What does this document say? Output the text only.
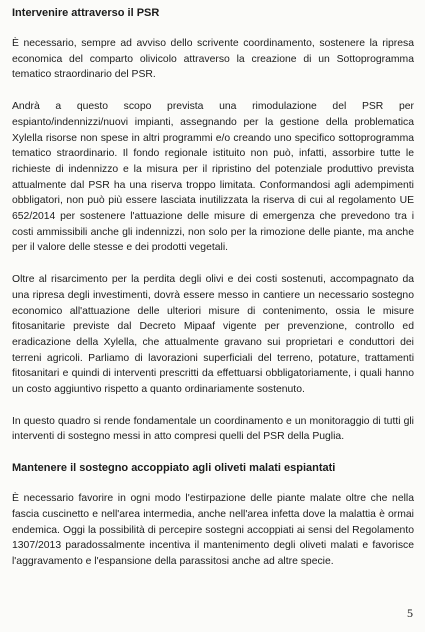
Intervenire attraverso il PSR

È necessario, sempre ad avviso dello scrivente coordinamento, sostenere la ripresa economica del comparto olivicolo attraverso la creazione di un Sottoprogramma tematico straordinario del PSR.

Andrà a questo scopo prevista una rimodulazione del PSR per espianto/indennizzi/nuovi impianti, assegnando per la gestione della problematica Xylella risorse non spese in altri programmi e/o creando uno specifico sottoprogramma tematico straordinario. Il fondo regionale istituito non può, infatti, assorbire tutte le richieste di indennizzo e la misura per il ripristino del potenziale produttivo prevista attualmente dal PSR ha una riserva troppo limitata. Conformandosi agli adempimenti obbligatori, non può più essere lasciata inutilizzata la riserva di cui al regolamento UE 652/2014 per sostenere l'attuazione delle misure di emergenza che prevedono tra i costi ammissibili anche gli indennizzi, non solo per la rimozione delle piante, ma anche per il valore delle stesse e dei prodotti vegetali.

Oltre al risarcimento per la perdita degli olivi e dei costi sostenuti, accompagnato da una ripresa degli investimenti, dovrà essere messo in cantiere un necessario sostegno economico all'attuazione delle ulteriori misure di contenimento, ossia le misure fitosanitarie previste dal Decreto Mipaaf vigente per prevenzione, controllo ed eradicazione della Xylella, che attualmente gravano sui proprietari e conduttori dei terreni agricoli. Parliamo di lavorazioni superficiali del terreno, potature, trattamenti fitosanitari e quindi di interventi prescritti da effettuarsi obbligatoriamente, i quali hanno un costo aggiuntivo rispetto a quanto ordinariamente sostenuto.

In questo quadro si rende fondamentale un coordinamento e un monitoraggio di tutti gli interventi di sostegno messi in atto compresi quelli del PSR della Puglia.

Mantenere il sostegno accoppiato agli oliveti malati espiantati

È necessario favorire in ogni modo l'estirpazione delle piante malate oltre che nella fascia cuscinetto e nell'area intermedia, anche nell'area infetta dove la malattia è ormai endemica. Oggi la possibilità di percepire sostegni accoppiati ai sensi del Regolamento 1307/2013 paradossalmente incentiva il mantenimento degli oliveti malati e favorisce l'aggravamento e l'espansione della parassitosi anche ad altre specie.

5
